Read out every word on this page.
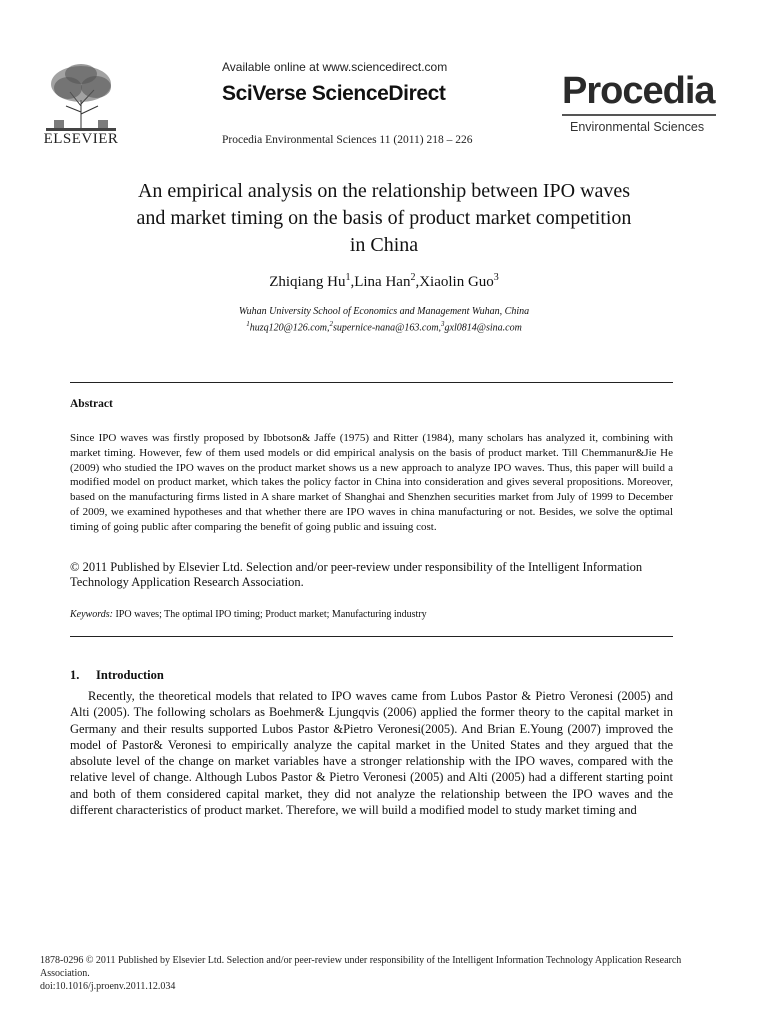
ELSEVIER
Available online at www.sciencedirect.com
SciVerse ScienceDirect
Procedia Environmental Sciences 11 (2011) 218 – 226
Procedia
Environmental Sciences
An empirical analysis on the relationship between IPO waves
and market timing on the basis of product market competition
in China
Zhiqiang Hu$^1$,Lina Han$^2$,Xiaolin Guo$^3$
Wuhan University School of Economics and Management Wuhan, China
$^1$huzq120@126.com,$^2$supernice-nana@163.com,$^3$gxl0814@sina.com
Abstract
Since IPO waves was firstly proposed by Ibbotson& Jaffe (1975) and Ritter (1984), many scholars has analyzed it, combining with market timing. However, few of them used models or did empirical analysis on the basis of product market. Till Chemmanur&Jie He (2009) who studied the IPO waves on the product market shows us a new approach to analyze IPO waves. Thus, this paper will build a modified model on product market, which takes the policy factor in China into consideration and gives several propositions. Moreover, based on the manufacturing firms listed in A share market of Shanghai and Shenzhen securities market from July of 1999 to December of 2009, we examined hypotheses and that whether there are IPO waves in china manufacturing or not. Besides, we solve the optimal timing of going public after comparing the benefit of going public and issuing cost.
© 2011 Published by Elsevier Ltd. Selection and/or peer-review under responsibility of the Intelligent Information Technology Application Research Association.
Keywords: IPO waves; The optimal IPO timing; Product market; Manufacturing industry
1. Introduction

Recently, the theoretical models that related to IPO waves came from Lubos Pastor & Pietro Veronesi (2005) and Alti (2005). The following scholars as Boehmer& Ljungqvis (2006) applied the former theory to the capital market in Germany and their results supported Lubos Pastor &Pietro Veronesi(2005). And Brian E.Young (2007) improved the model of Pastor& Veronesi to empirically analyze the capital market in the United States and they argued that the absolute level of the change on market variables have a stronger relationship with the IPO waves, compared with the relative level of change. Although Lubos Pastor & Pietro Veronesi (2005) and Alti (2005) had a different starting point and both of them considered capital market, they did not analyze the relationship between the IPO waves and the different characteristics of product market. Therefore, we will build a modified model to study market timing and

1878-0296 © 2011 Published by Elsevier Ltd. Selection and/or peer-review under responsibility of the Intelligent Information Technology Application Research Association.
doi:10.1016/j.proenv.2011.12.034
